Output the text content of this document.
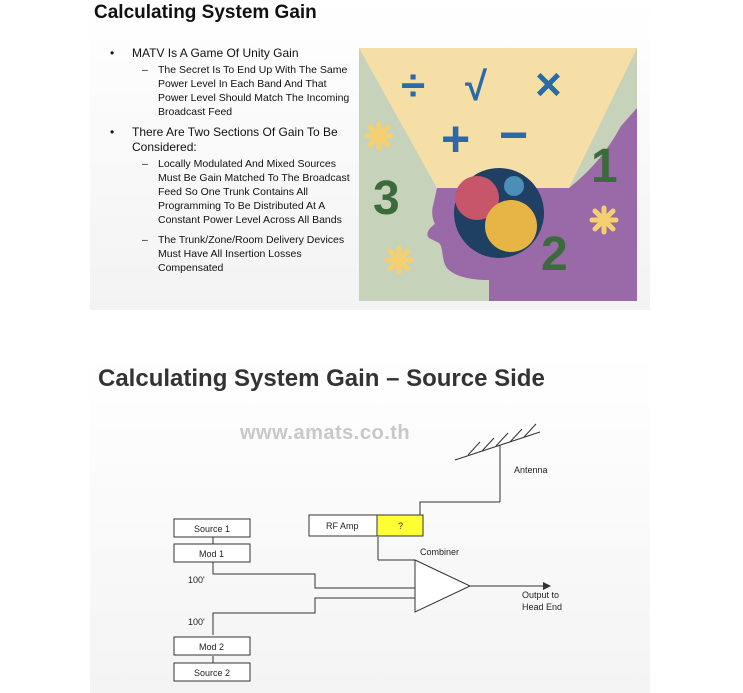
Calculating System Gain
• MATV Is A Game Of Unity Gain
– The Secret Is To End Up With The Same Power Level In Each Band And That Power Level Should Match The Incoming Broadcast Feed
• There Are Two Sections Of Gain To Be Considered:
– Locally Modulated And Mixed Sources Must Be Gain Matched To The Broadcast Feed So One Trunk Contains All Programming To Be Distributed At A Constant Power Level Across All Bands
– The Trunk/Zone/Room Delivery Devices Must Have All Insertion Losses Compensated
÷ √ ×
+ −
1
2
3
Calculating System Gain – Source Side
www.amats.co.th
Antenna
RF Amp	?
Combiner
Output to
Head End
Source 1
Mod 1
100'
100'
Mod 2
Source 2
